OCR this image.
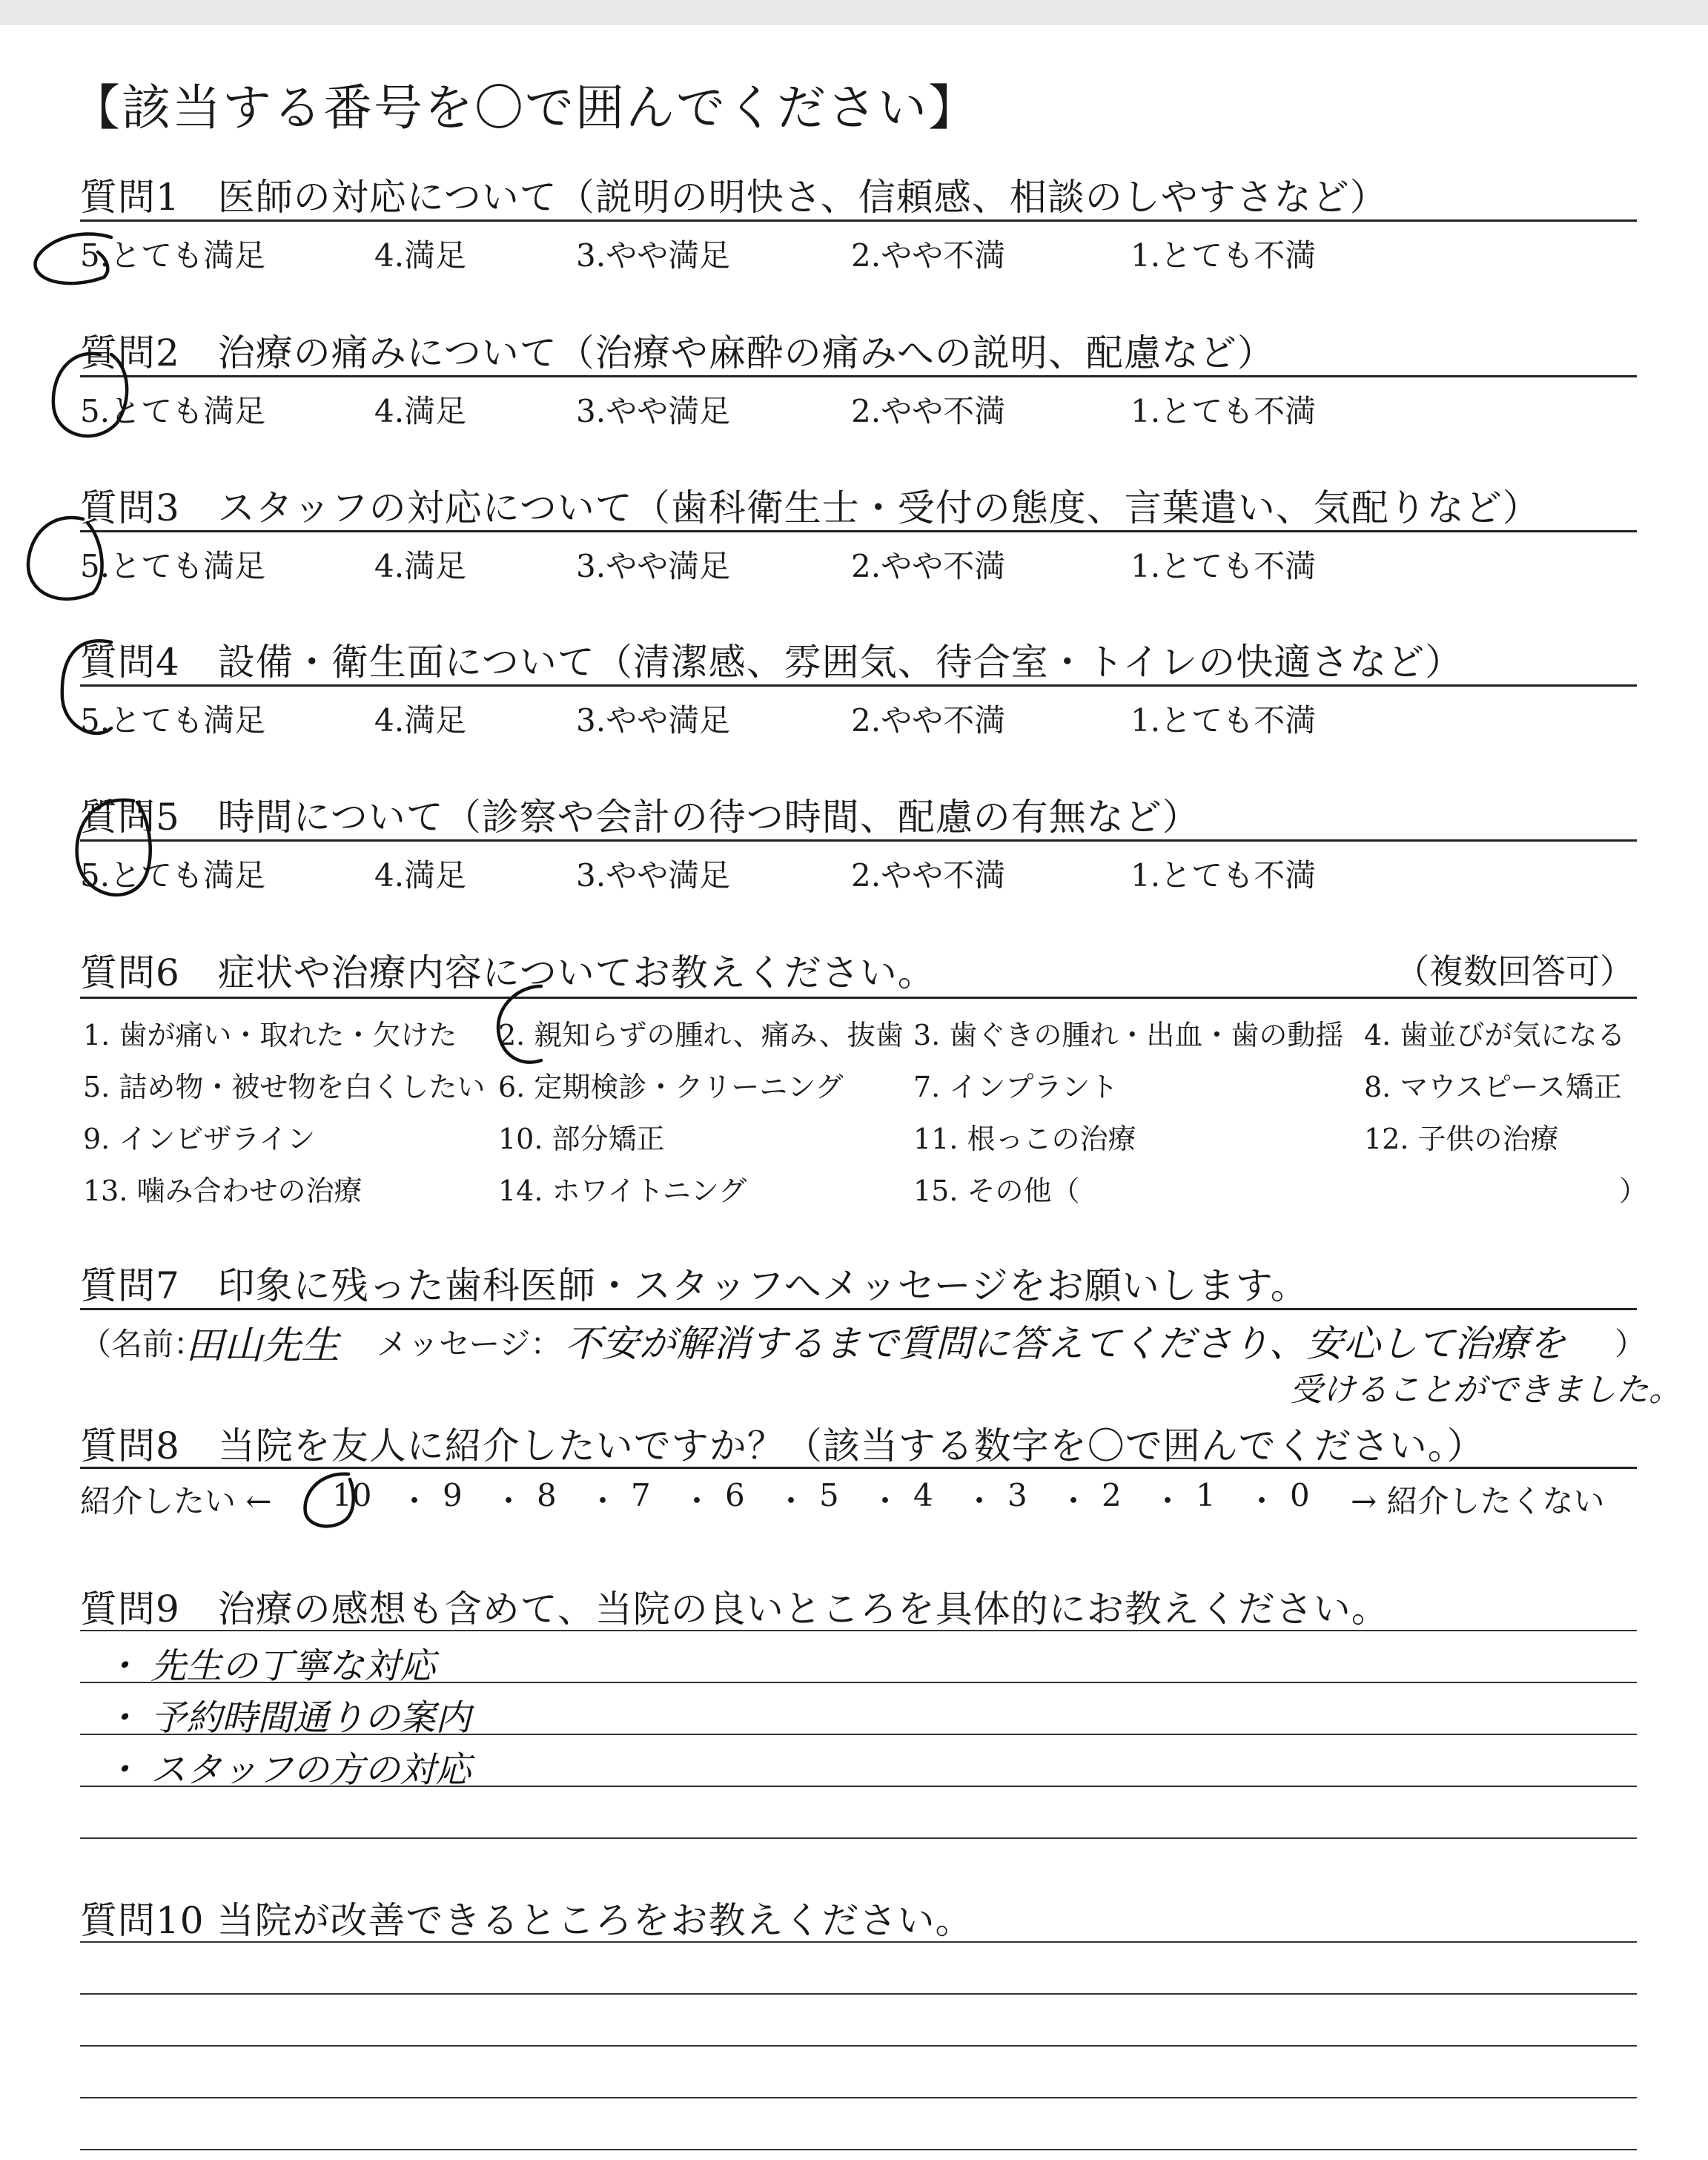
【該当する番号を〇で囲んでください】
質問1　医師の対応について（説明の明快さ、信頼感、相談のしやすさなど）
5.とても満足	4.満足	3.やや満足	2.やや不満	1.とても不満
質問2　治療の痛みについて（治療や麻酔の痛みへの説明、配慮など）
5.とても満足	4.満足	3.やや満足	2.やや不満	1.とても不満
質問3　スタッフの対応について（歯科衛生士・受付の態度、言葉遣い、気配りなど）
5.とても満足	4.満足	3.やや満足	2.やや不満	1.とても不満
質問4　設備・衛生面について（清潔感、雰囲気、待合室・トイレの快適さなど）
5.とても満足	4.満足	3.やや満足	2.やや不満	1.とても不満
質問5　時間について（診察や会計の待つ時間、配慮の有無など）
5.とても満足	4.満足	3.やや満足	2.やや不満	1.とても不満
質問6　症状や治療内容についてお教えください。	（複数回答可）
1. 歯が痛い・取れた・欠けた 2. 親知らずの腫れ、痛み、抜歯 3. 歯ぐきの腫れ・出血・歯の動揺 4. 歯並びが気になる
5. 詰め物・被せ物を白くしたい 6. 定期検診・クリーニング 7. インプラント	8. マウスピース矯正
9. インビザライン	10. 部分矯正	11. 根っこの治療	12. 子供の治療
13. 噛み合わせの治療	14. ホワイトニング	15. その他（	）
質問7　印象に残った歯科医師・スタッフへメッセージをお願いします。
（名前：
田山先生 メッセージ： 不安が解消するまで質問に答えてくださり、安心して治療を
受けることができました。
）
質問8　当院を友人に紹介したいですか？（該当する数字を〇で囲んでください。）
紹介したい ←	→ 紹介したくない
10 9 8 7 6 5 4 3 2 1 0
・ ・ ・ ・ ・ ・ ・ ・ ・ ・
質問9　治療の感想も含めて、当院の良いところを具体的にお教えください。
・ 先生の丁寧な対応
・ 予約時間通りの案内
・ スタッフの方の対応
質問10 当院が改善できるところをお教えください。
